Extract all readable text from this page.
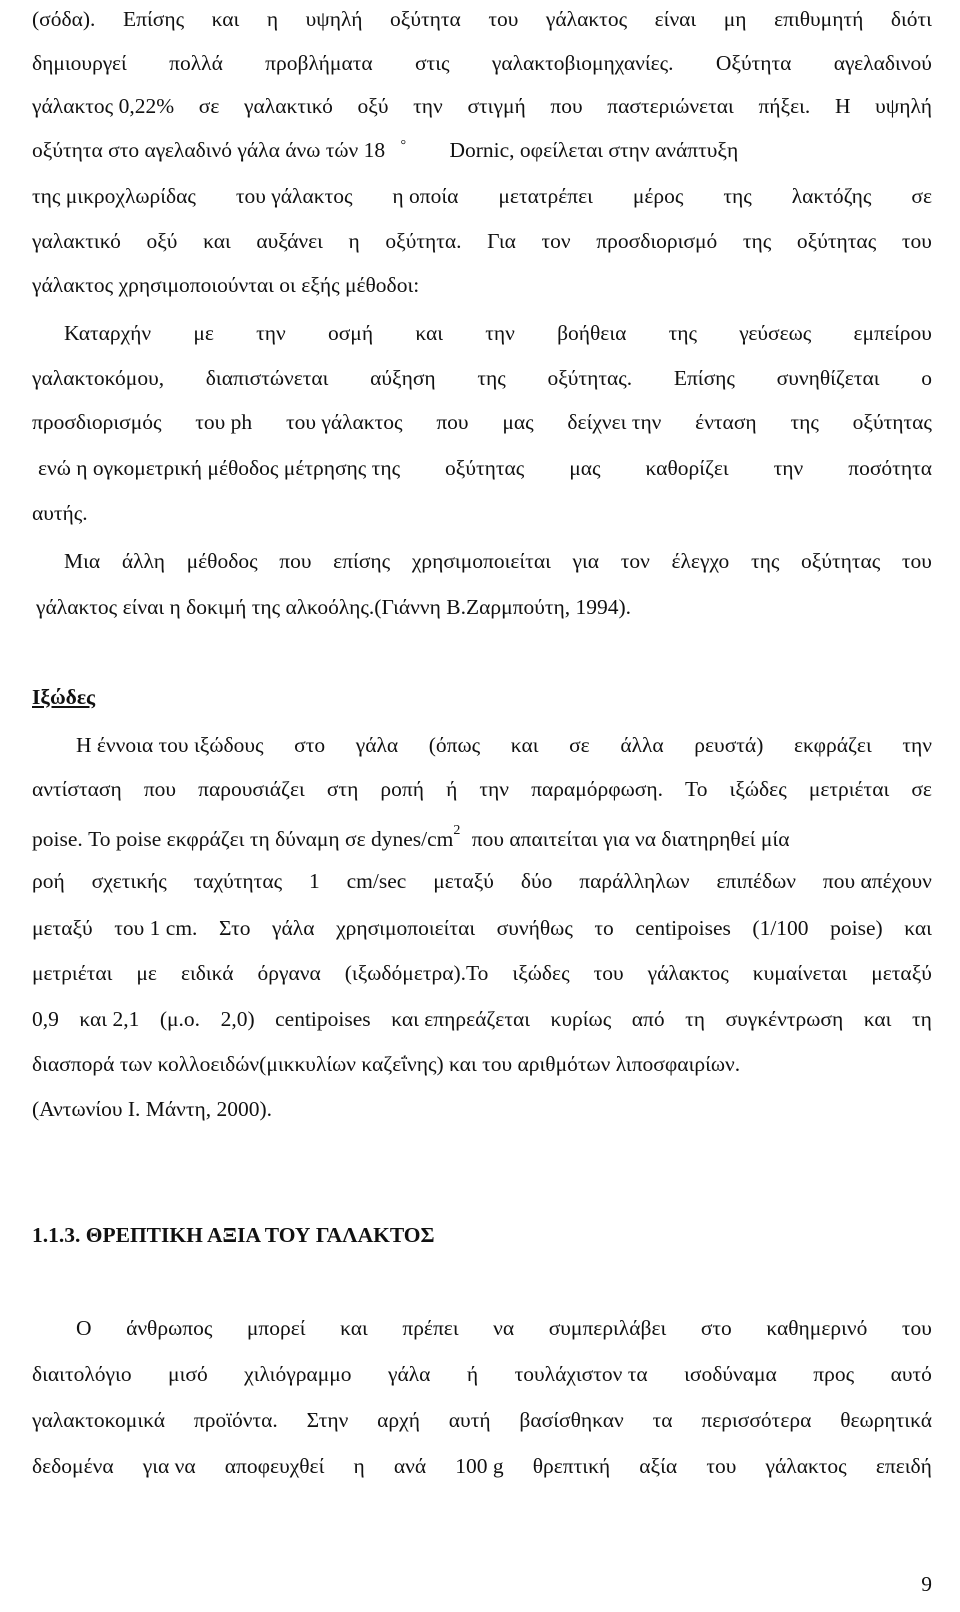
(σόδα). Επίσης και η υψηλή οξύτητα του γάλακτος είναι μη επιθυμητή διότι
δημιουργεί πολλά προβλήματα στις γαλακτοβιομηχανίες. Οξύτητα αγελαδινού
γάλακτος 0,22% σε γαλακτικό οξύ την στιγμή που παστεριώνεται πήξει. Η υψηλή
οξύτητα στο αγελαδινό γάλα άνω τών 18 ° Dornic, οφείλεται στην ανάπτυξη
της μικροχλωρίδας του γάλακτος η οποία μετατρέπει μέρος της λακτόζης σε
γαλακτικό οξύ και αυξάνει η οξύτητα. Για τον προσδιορισμό της οξύτητας του
γάλακτος χρησιμοποιούνται οι εξής μέθοδοι:
Καταρχήν με την οσμή και την βοήθεια της γεύσεως εμπείρου
γαλακτοκόμου, διαπιστώνεται αύξηση της οξύτητας. Επίσης συνηθίζεται ο
προσδιορισμός του ph του γάλακτος που μας δείχνει την ένταση της οξύτητας
ενώ η ογκομετρική μέθοδος μέτρησης της οξύτητας μας καθορίζει την ποσότητα
αυτής.
Μια άλλη μέθοδος που επίσης χρησιμοποιείται για τον έλεγχο της οξύτητας του
γάλακτος είναι η δοκιμή της αλκοόλης.(Γιάννη Β.Ζαρμπούτη, 1994).
Ιξώδες
Η έννοια του ιξώδους στο γάλα (όπως και σε άλλα ρευστά) εκφράζει την
αντίσταση που παρουσιάζει στη ροπή ή την παραμόρφωση. Το ιξώδες μετριέται σε
poise. Το poise εκφράζει τη δύναμη σε dynes/$cm^2$ που απαιτείται για να διατηρηθεί μία
ροή σχετικής ταχύτητας 1 cm/sec μεταξύ δύο παράλληλων επιπέδων που απέχουν
μεταξύ του 1 cm. Στο γάλα χρησιμοποιείται συνήθως το centipoises (1/100 poise) και
μετριέται με ειδικά όργανα (ιξωδόμετρα).Το ιξώδες του γάλακτος κυμαίνεται μεταξύ
0,9 και 2,1 (μ.ο. 2,0) centipoises και επηρεάζεται κυρίως από τη συγκέντρωση και τη
διασπορά των κολλοειδών(μικκυλίων καζεΐνης) και του αριθμότων λιποσφαιρίων.
(Αντωνίου Ι. Μάντη, 2000).
1.1.3. ΘΡΕΠΤΙΚΗ ΑΞΙΑ ΤΟΥ ΓΑΛΑΚΤΟΣ
Ο άνθρωπος μπορεί και πρέπει να συμπεριλάβει στο καθημερινό του
διαιτολόγιο μισό χιλιόγραμμο γάλα ή τουλάχιστον τα ισοδύναμα προς αυτό
γαλακτοκομικά προϊόντα. Στην αρχή αυτή βασίσθηκαν τα περισσότερα θεωρητικά
δεδομένα για να αποφευχθεί η ανά 100 g θρεπτική αξία του γάλακτος επειδή
9
